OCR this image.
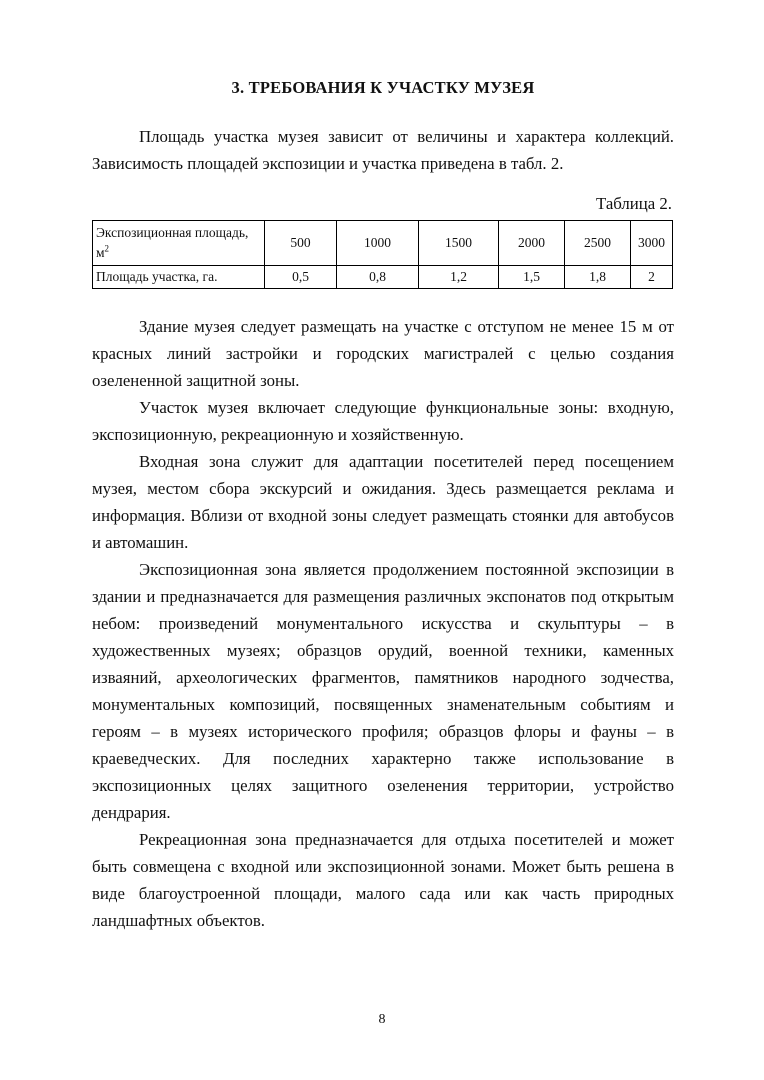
3. ТРЕБОВАНИЯ К УЧАСТКУ МУЗЕЯ

Площадь участка музея зависит от величины и характера коллекций. Зависимость площадей экспозиции и участка приведена в табл. 2.

Таблица 2.
Экспозиционная площадь, $м^2$	500	1000	1500	2000	2500	3000
Площадь участка, га.	0,5	0,8	1,2	1,5	1,8	2

Здание музея следует размещать на участке с отступом не менее 15 м от красных линий застройки и городских магистралей с целью создания озелененной защитной зоны.

Участок музея включает следующие функциональные зоны: входную, экспозиционную, рекреационную и хозяйственную.

Входная зона служит для адаптации посетителей перед посещением музея, местом сбора экскурсий и ожидания. Здесь размещается реклама и информация. Вблизи от входной зоны следует размещать стоянки для автобусов и автомашин.

Экспозиционная зона является продолжением постоянной экспозиции в здании и предназначается для размещения различных экспонатов под открытым небом: произведений монументального искусства и скульптуры – в художественных музеях; образцов орудий, военной техники, каменных изваяний, археологических фрагментов, памятников народного зодчества, монументальных композиций, посвященных знаменательным событиям и героям – в музеях исторического профиля; образцов флоры и фауны – в краеведческих. Для последних характерно также использование в экспозиционных целях защитного озеленения территории, устройство дендрария.

Рекреационная зона предназначается для отдыха посетителей и может быть совмещена с входной или экспозиционной зонами. Может быть решена в виде благоустроенной площади, малого сада или как часть природных ландшафтных объектов.

8
